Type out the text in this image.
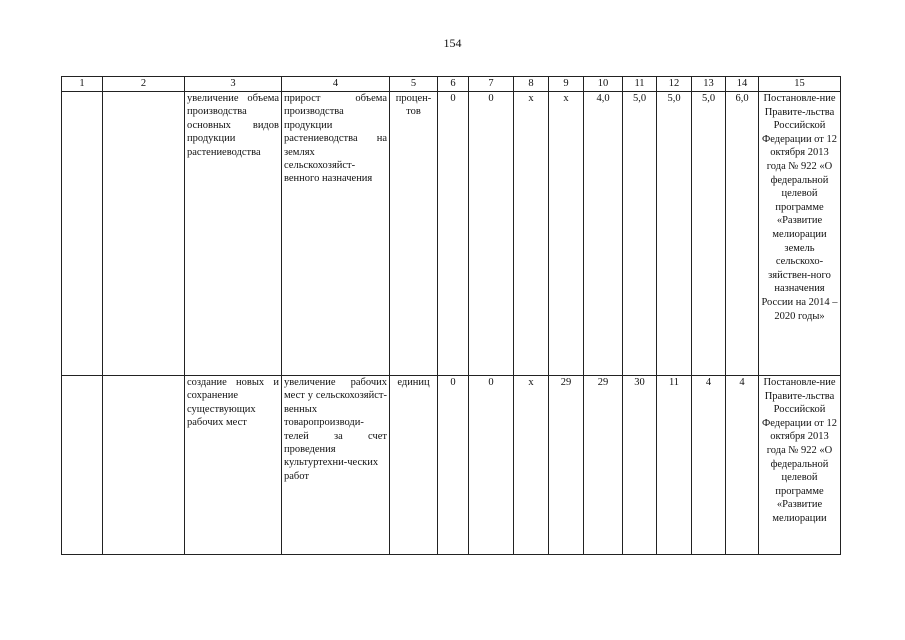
154
1	2	3	4	5	6	7	8	9	10	11	12	13	14	15
		увеличение объема производства основных видов продукции растениеводства	прирост объема производства продукции растениеводства на землях сельскохозяйст-венного назначения	процен-тов	0	0	х	х	4,0	5,0	5,0	5,0	6,0	Постановле-ние Правите-льства Российской Федерации от 12 октября 2013 года № 922 «О федеральной целевой программе «Развитие мелиорации земель сельскохо-зяйствен-ного назначения России на 2014 – 2020 годы»
		создание новых и сохранение существующих рабочих мест	увеличение рабочих мест у сельскохозяйст-венных товаропроизводи-телей за счет проведения культуртехни-ческих работ	единиц	0	0	х	29	29	30	11	4	4	Постановле-ние Правите-льства Российской Федерации от 12 октября 2013 года № 922 «О федеральной целевой программе «Развитие мелиорации
